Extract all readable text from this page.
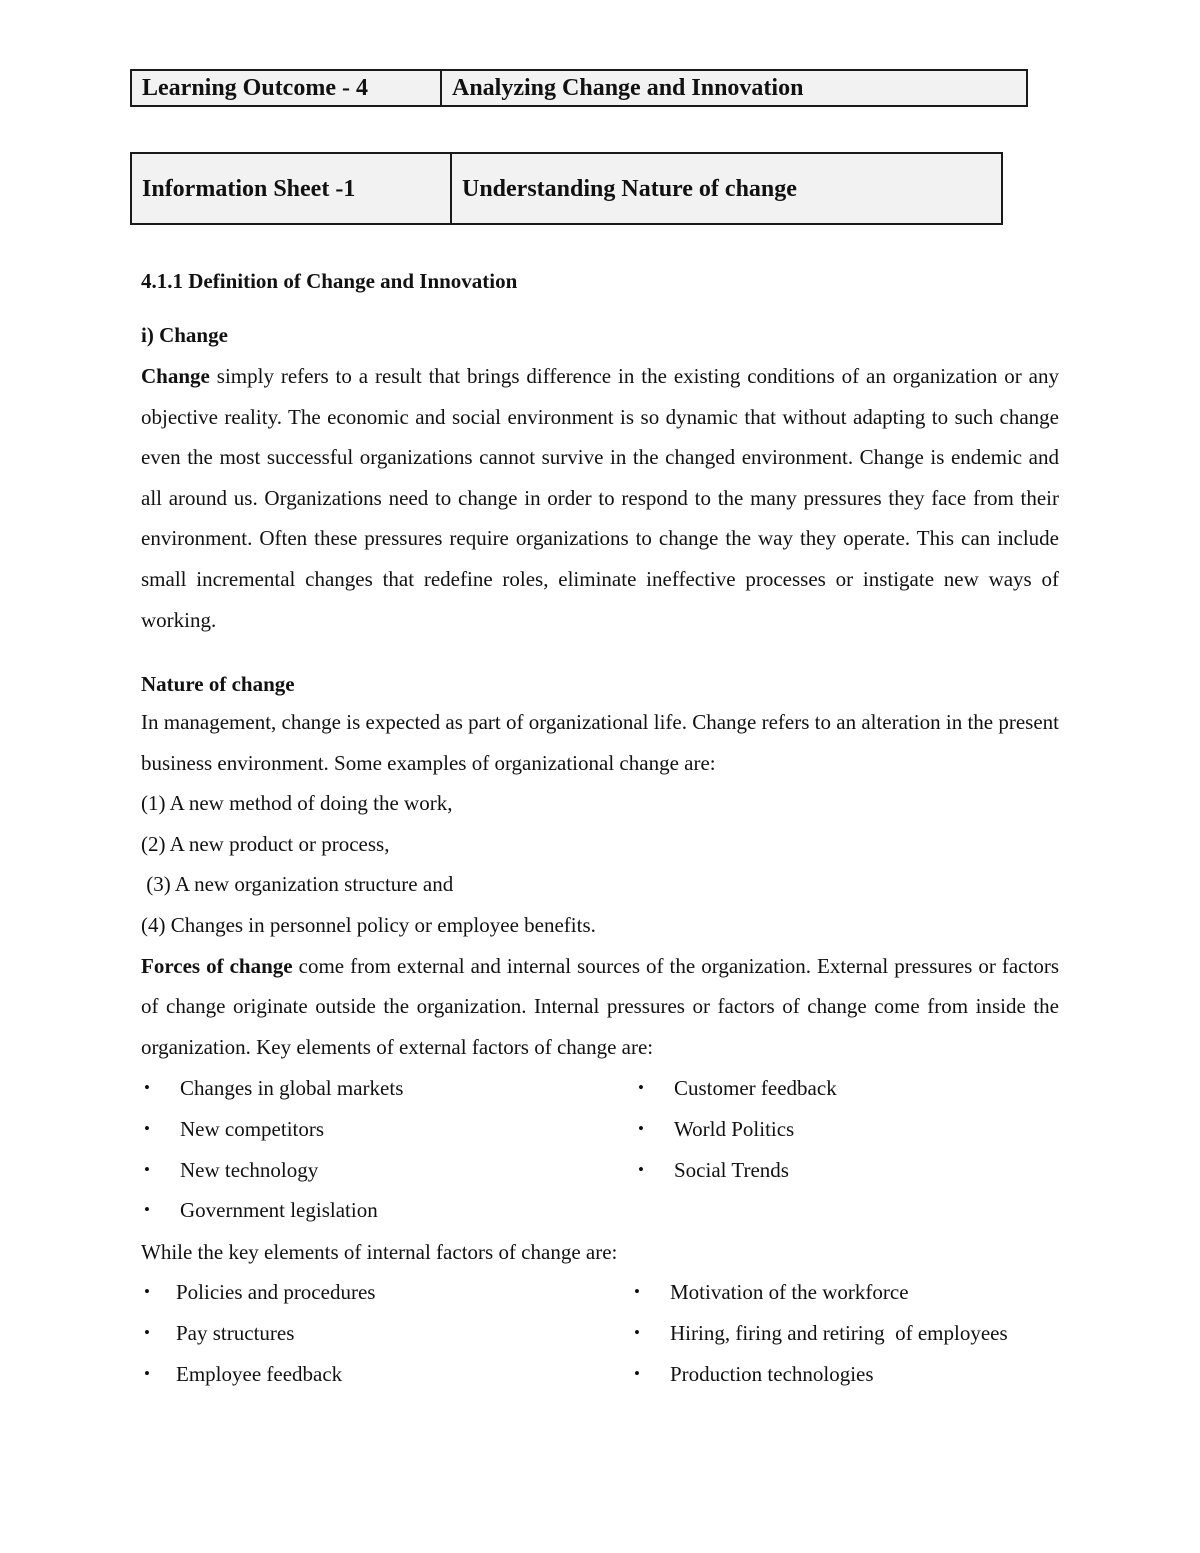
Learning Outcome - 4	Analyzing Change and Innovation
Information Sheet -1	Understanding Nature of change
4.1.1 Definition of Change and Innovation
i) Change

Change simply refers to a result that brings difference in the existing conditions of an organization or any objective reality. The economic and social environment is so dynamic that without adapting to such change even the most successful organizations cannot survive in the changed environment. Change is endemic and all around us. Organizations need to change in order to respond to the many pressures they face from their environment. Often these pressures require organizations to change the way they operate. This can include small incremental changes that redefine roles, eliminate ineffective processes or instigate new ways of working.

Nature of change

In management, change is expected as part of organizational life. Change refers to an alteration in the present business environment. Some examples of organizational change are:

(1) A new method of doing the work,

(2) A new product or process,

(3) A new organization structure and

(4) Changes in personnel policy or employee benefits.

Forces of change come from external and internal sources of the organization. External pressures or factors of change originate outside the organization. Internal pressures or factors of change come from inside the organization. Key elements of external factors of change are:

• Changes in global markets
• New competitors
• New technology
• Government legislation
• Customer feedback
• World Politics
• Social Trends

While the key elements of internal factors of change are:

• Policies and procedures
• Pay structures
• Employee feedback
• Motivation of the workforce
• Hiring, firing and retiring  of employees
• Production technologies
